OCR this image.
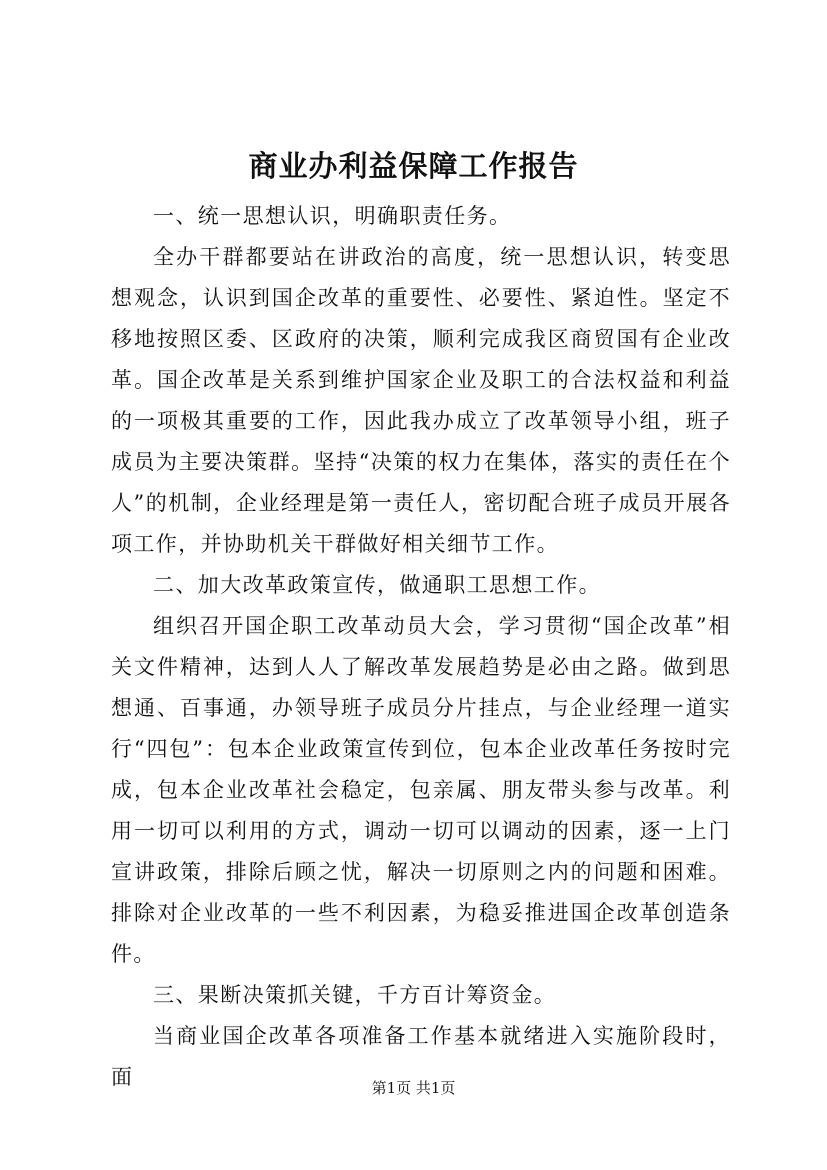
商业办利益保障工作报告

一、统一思想认识，明确职责任务。

全办干群都要站在讲政治的高度，统一思想认识，转变思想观念，认识到国企改革的重要性、必要性、紧迫性。坚定不移地按照区委、区政府的决策，顺利完成我区商贸国有企业改革。国企改革是关系到维护国家企业及职工的合法权益和利益的一项极其重要的工作，因此我办成立了改革领导小组，班子成员为主要决策群。坚持“决策的权力在集体，落实的责任在个人”的机制，企业经理是第一责任人，密切配合班子成员开展各项工作，并协助机关干群做好相关细节工作。

二、加大改革政策宣传，做通职工思想工作。

组织召开国企职工改革动员大会，学习贯彻“国企改革”相关文件精神，达到人人了解改革发展趋势是必由之路。做到思想通、百事通，办领导班子成员分片挂点，与企业经理一道实行“四包”：包本企业政策宣传到位，包本企业改革任务按时完成，包本企业改革社会稳定，包亲属、朋友带头参与改革。利用一切可以利用的方式，调动一切可以调动的因素，逐一上门宣讲政策，排除后顾之忧，解决一切原则之内的问题和困难。排除对企业改革的一些不利因素，为稳妥推进国企改革创造条件。

三、果断决策抓关键，千方百计筹资金。

当商业国企改革各项准备工作基本就绪进入实施阶段时，面	第1页 共1页
